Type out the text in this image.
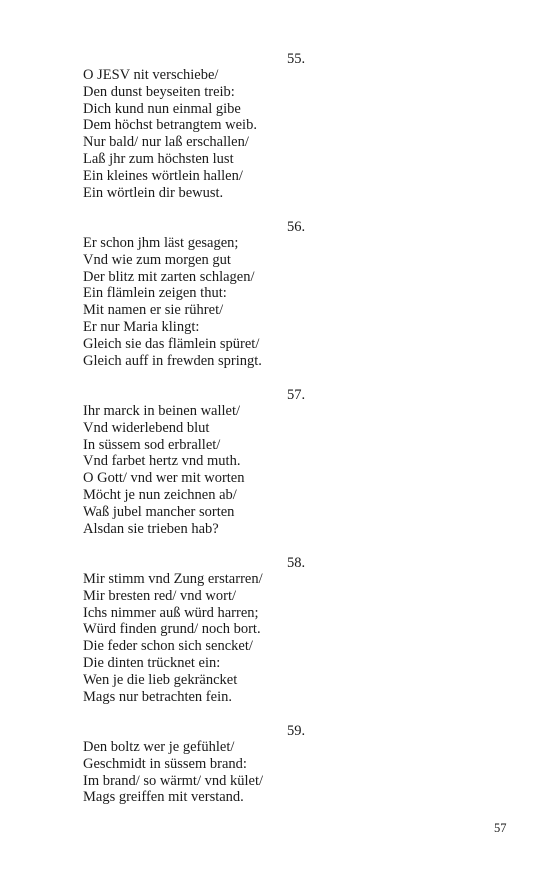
55.
O JESV nit verschiebe/
Den dunst beyseiten treib:
Dich kund nun einmal gibe
Dem höchst betrangtem weib.
Nur bald/ nur laß erschallen/
Laß jhr zum höchsten lust
Ein kleines wörtlein hallen/
Ein wörtlein dir bewust.
56.
Er schon jhm läst gesagen;
Vnd wie zum morgen gut
Der blitz mit zarten schlagen/
Ein flämlein zeigen thut:
Mit namen er sie rühret/
Er nur Maria klingt:
Gleich sie das flämlein spüret/
Gleich auff in frewden springt.
57.
Ihr marck in beinen wallet/
Vnd widerlebend blut
In süssem sod erbrallet/
Vnd farbet hertz vnd muth.
O Gott/ vnd wer mit worten
Möcht je nun zeichnen ab/
Waß jubel mancher sorten
Alsdan sie trieben hab?
58.
Mir stimm vnd Zung erstarren/
Mir bresten red/ vnd wort/
Ichs nimmer auß würd harren;
Würd finden grund/ noch bort.
Die feder schon sich sencket/
Die dinten trücknet ein:
Wen je die lieb gekräncket
Mags nur betrachten fein.
59.
Den boltz wer je gefühlet/
Geschmidt in süssem brand:
Im brand/ so wärmt/ vnd kület/
Mags greiffen mit verstand.
57
